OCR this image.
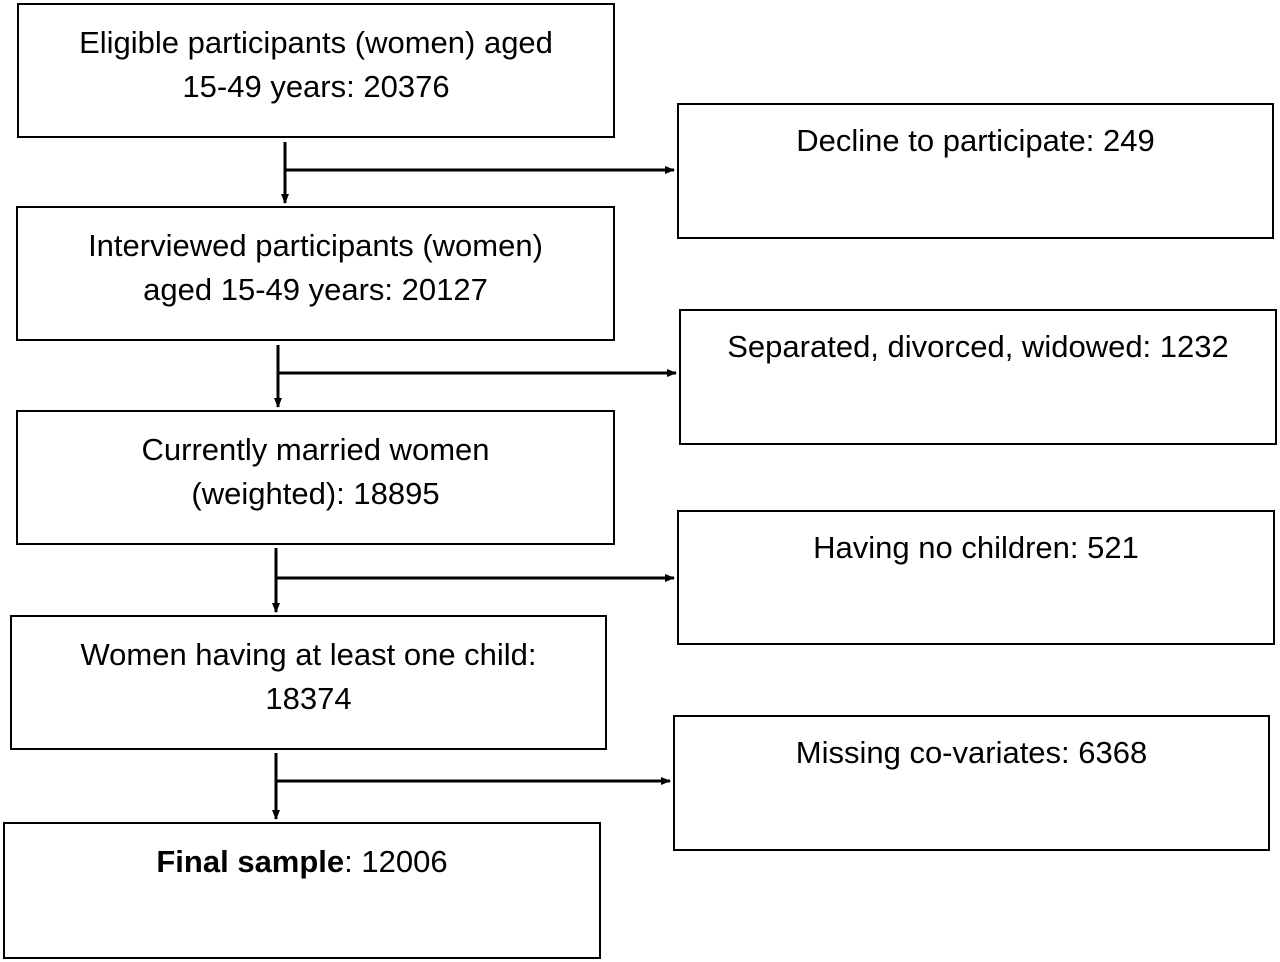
Eligible participants (women) aged
15-49 years: 20376
Interviewed participants (women)
aged 15-49 years: 20127
Currently married women
(weighted): 18895
Women having at least one child:
18374
Final sample: 12006
Decline to participate: 249
Separated, divorced, widowed: 1232
Having no children: 521
Missing co-variates: 6368
